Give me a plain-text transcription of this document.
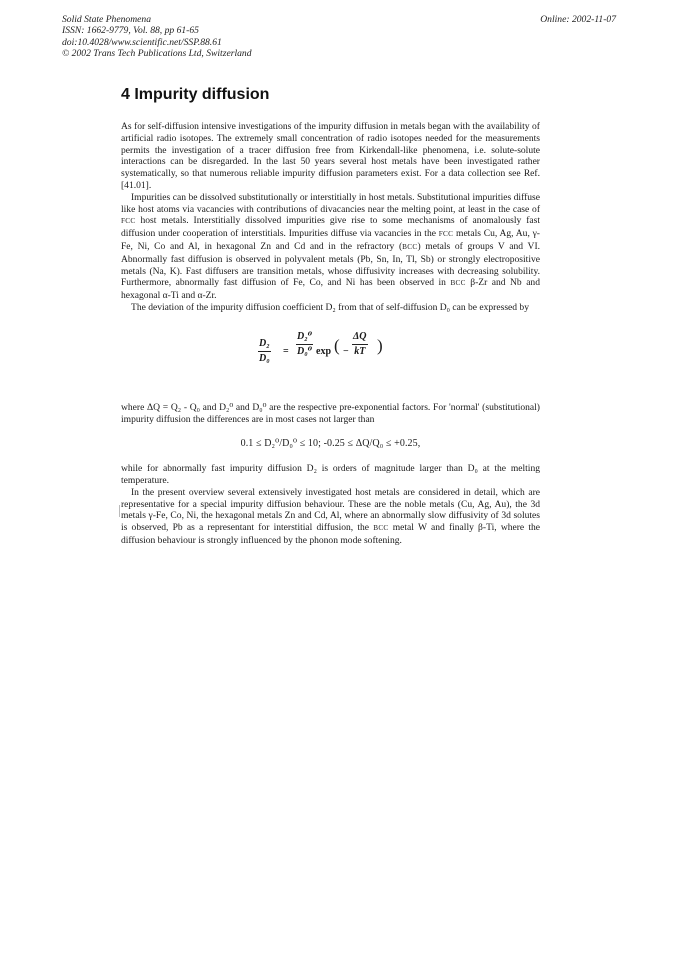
Solid State Phenomena
ISSN: 1662-9779, Vol. 88, pp 61-65
doi:10.4028/www.scientific.net/SSP.88.61
© 2002 Trans Tech Publications Ltd, Switzerland
Online: 2002-11-07
4 Impurity diffusion

As for self-diffusion intensive investigations of the impurity diffusion in metals began with the availability of artificial radio isotopes. The extremely small concentration of radio isotopes needed for the measurements permits the investigation of a tracer diffusion free from Kirkendall-like phenomena, i.e. solute-solute interactions can be disregarded. In the last 50 years several host metals have been investigated rather systematically, so that numerous reliable impurity diffusion parameters exist. For a data collection see Ref. [41.01].

Impurities can be dissolved substitutionally or interstitially in host metals. Substitutional impurities diffuse like host atoms via vacancies with contributions of divacancies near the melting point, at least in the case of FCC host metals. Interstitially dissolved impurities give rise to some mechanisms of anomalously fast diffusion under cooperation of interstitials. Impurities diffuse via vacancies in the FCC metals Cu, Ag, Au, γ-Fe, Ni, Co and Al, in hexagonal Zn and Cd and in the refractory (BCC) metals of groups V and VI. Abnormally fast diffusion is observed in polyvalent metals (Pb, Sn, In, Tl, Sb) or strongly electropositive metals (Na, K). Fast diffusers are transition metals, whose diffusivity increases with decreasing solubility. Furthermore, abnormally fast diffusion of Fe, Co, and Ni has been observed in BCC β-Zr and Nb and hexagonal α-Ti and α-Zr.

The deviation of the impurity diffusion coefficient D₂ from that of self-diffusion D₀ can be expressed by

D₂
D₀
=
D₂⁰
D₀⁰ exp ( −
ΔQ
kT )

where ΔQ = Q₂ - Q₀ and D₂⁰ and D₀⁰ are the respective pre-exponential factors. For 'normal' (substitutional) impurity diffusion the differences are in most cases not larger than

0.1 ≤ D₂⁰/D₀⁰ ≤ 10; -0.25 ≤ ΔQ/Q₀ ≤ +0.25,

while for abnormally fast impurity diffusion D₂ is orders of magnitude larger than D₀ at the melting temperature.

In the present overview several extensively investigated host metals are considered in detail, which are representative for a special impurity diffusion behaviour. These are the noble metals (Cu, Ag, Au), the 3d metals γ-Fe, Co, Ni, the hexagonal metals Zn and Cd, Al, where an abnormally slow diffusivity of 3d solutes is observed, Pb as a representant for interstitial diffusion, the BCC metal W and finally β-Ti, where the diffusion behaviour is strongly influenced by the phonon mode softening.
